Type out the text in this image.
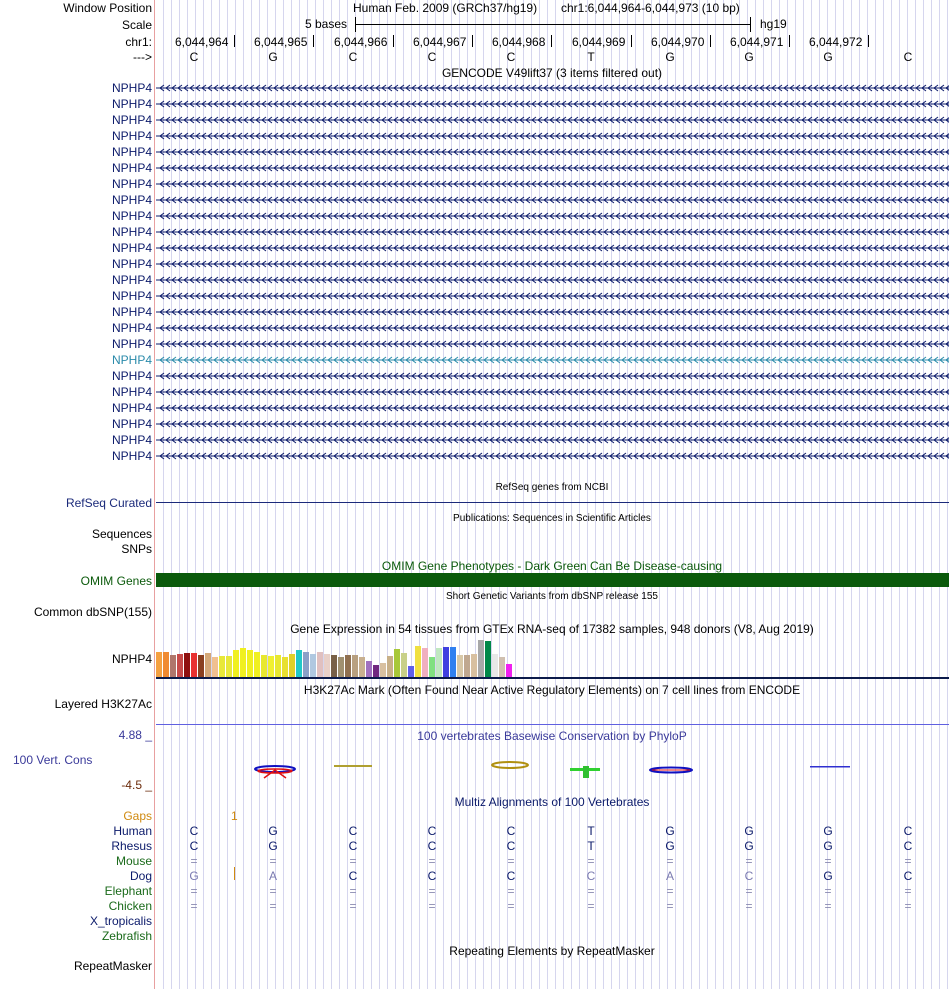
Window Position	Human Feb. 2009 (GRCh37/hg19) chr1:6,044,964-6,044,973 (10 bp)
Scale	5 bases	hg19
chr1: 6,044,964 6,044,965 6,044,966 6,044,967 6,044,968 6,044,969 6,044,970 6,044,971 6,044,972
--->	C	G	C	C	C	T	G	G	G	C
GENCODE V49lift37 (3 items filtered out)
NPHP4
NPHP4
NPHP4
NPHP4
NPHP4
NPHP4
NPHP4
NPHP4
NPHP4
NPHP4
NPHP4
NPHP4
NPHP4
NPHP4
NPHP4
NPHP4
NPHP4
NPHP4
NPHP4
NPHP4
NPHP4
NPHP4
NPHP4
NPHP4
RefSeq genes from NCBI
RefSeq Curated
Publications: Sequences in Scientific Articles
Sequences
SNPs
OMIM Gene Phenotypes - Dark Green Can Be Disease-causing
OMIM Genes
Short Genetic Variants from dbSNP release 155
Common dbSNP(155)
Gene Expression in 54 tissues from GTEx RNA-seq of 17382 samples, 948 donors (V8, Aug 2019)
NPHP4
H3K27Ac Mark (Often Found Near Active Regulatory Elements) on 7 cell lines from ENCODE
Layered H3K27Ac
4.88 _	100 vertebrates Basewise Conservation by PhyloP
100 Vert. Cons
-4.5 _
Multiz Alignments of 100 Vertebrates
Gaps	1
Human	C	G	C	C	C	T	G	G	G	C
Rhesus	C	G	C	C	C	T	G	G	G	C
Mouse	=	=	=	=	=	=	=	=	=	=
Dog	G	A	C	C	C	C	A	C	G	C
Elephant	=	=	=	=	=	=	=	=	=	=
Chicken	=	=	=	=	=	=	=	=	=	=
X_tropicalis
Zebrafish
Repeating Elements by RepeatMasker
RepeatMasker
